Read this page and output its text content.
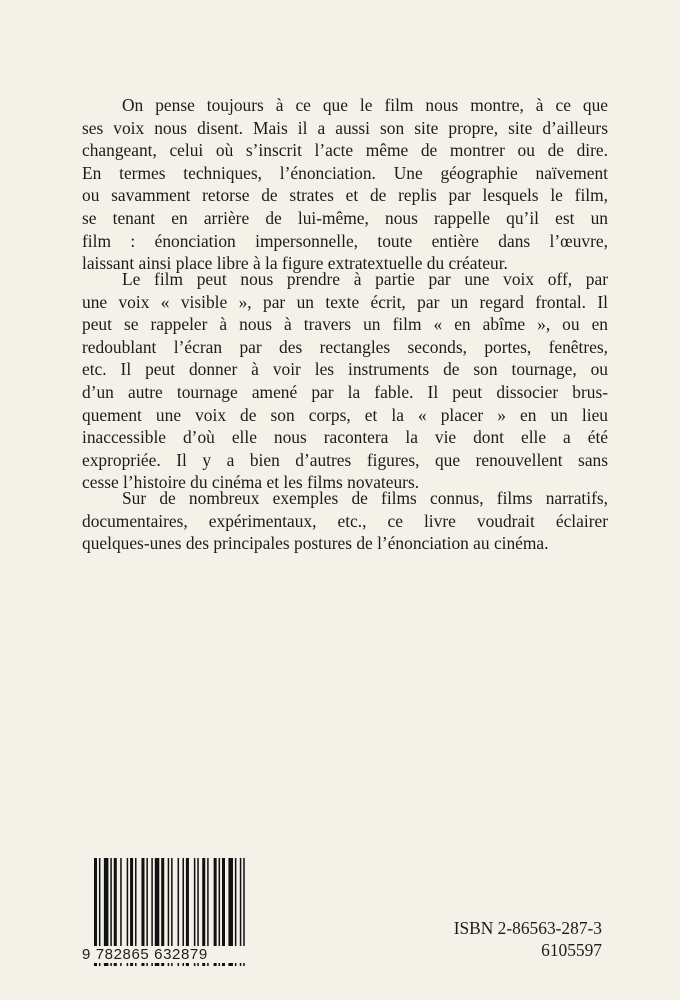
On pense toujours à ce que le film nous montre, à ce que
ses voix nous disent. Mais il a aussi son site propre, site d’ailleurs
changeant, celui où s’inscrit l’acte même de montrer ou de dire.
En termes techniques, l’énonciation. Une géographie naïvement
ou savamment retorse de strates et de replis par lesquels le film,
se tenant en arrière de lui-même, nous rappelle qu’il est un
film : énonciation impersonnelle, toute entière dans l’œuvre,
laissant ainsi place libre à la figure extratextuelle du créateur.
Le film peut nous prendre à partie par une voix off, par
une voix « visible », par un texte écrit, par un regard frontal. Il
peut se rappeler à nous à travers un film « en abîme », ou en
redoublant l’écran par des rectangles seconds, portes, fenêtres,
etc. Il peut donner à voir les instruments de son tournage, ou
d’un autre tournage amené par la fable. Il peut dissocier brus-
quement une voix de son corps, et la « placer » en un lieu
inaccessible d’où elle nous racontera la vie dont elle a été
expropriée. Il y a bien d’autres figures, que renouvellent sans
cesse l’histoire du cinéma et les films novateurs.
Sur de nombreux exemples de films connus, films narratifs,
documentaires, expérimentaux, etc., ce livre voudrait éclairer
quelques-unes des principales postures de l’énonciation au cinéma.
9 782865 632879
ISBN 2-86563-287-3
6105597
